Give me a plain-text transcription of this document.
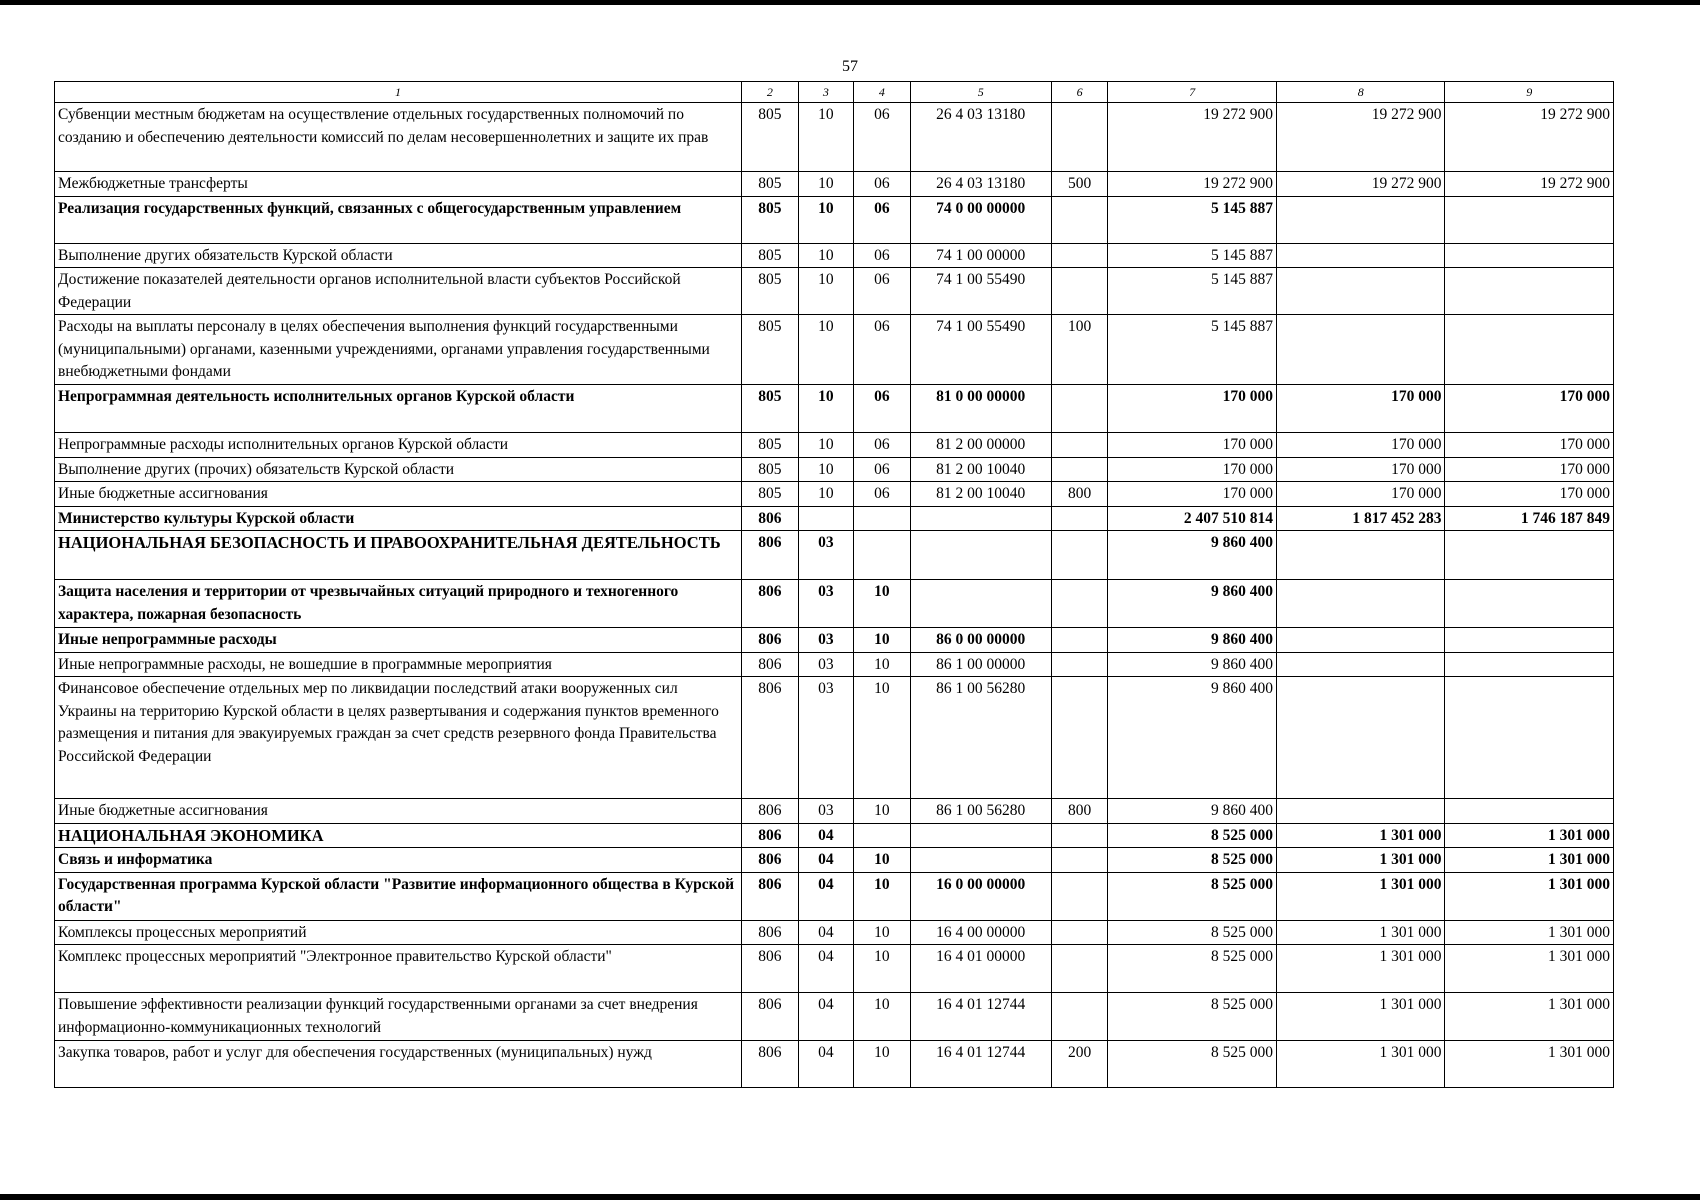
57
1	2	3	4	5	6	7	8	9
Субвенции местным бюджетам на осуществление отдельных государственных полномочий по созданию и обеспечению деятельности комиссий по делам несовершеннолетних и защите их прав	805	10	06	26 4 03 13180		19 272 900	19 272 900	19 272 900
Межбюджетные трансферты	805	10	06	26 4 03 13180	500	19 272 900	19 272 900	19 272 900
Реализация государственных функций, связанных с общегосударственным управлением	805	10	06	74 0 00 00000		5 145 887		
Выполнение других обязательств Курской области	805	10	06	74 1 00 00000		5 145 887		
Достижение показателей деятельности органов исполнительной власти субъектов Российской Федерации	805	10	06	74 1 00 55490		5 145 887		
Расходы на выплаты персоналу в целях обеспечения выполнения функций государственными (муниципальными) органами, казенными учреждениями, органами управления государственными внебюджетными фондами	805	10	06	74 1 00 55490	100	5 145 887		
Непрограммная деятельность исполнительных органов Курской области	805	10	06	81 0 00 00000		170 000	170 000	170 000
Непрограммные расходы исполнительных органов Курской области	805	10	06	81 2 00 00000		170 000	170 000	170 000
Выполнение других (прочих) обязательств Курской области	805	10	06	81 2 00 10040		170 000	170 000	170 000
Иные бюджетные ассигнования	805	10	06	81 2 00 10040	800	170 000	170 000	170 000
Министерство культуры Курской области	806					2 407 510 814	1 817 452 283	1 746 187 849
НАЦИОНАЛЬНАЯ БЕЗОПАСНОСТЬ И ПРАВООХРАНИТЕЛЬНАЯ ДЕЯТЕЛЬНОСТЬ	806	03				9 860 400		
Защита населения и территории от чрезвычайных ситуаций природного и техногенного характера, пожарная безопасность	806	03	10			9 860 400		
Иные непрограммные расходы	806	03	10	86 0 00 00000		9 860 400		
Иные непрограммные расходы, не вошедшие в программные мероприятия	806	03	10	86 1 00 00000		9 860 400		
Финансовое обеспечение отдельных мер по ликвидации последствий атаки вооруженных сил Украины на территорию Курской области в целях развертывания и содержания пунктов временного размещения и питания для эвакуируемых граждан за счет средств резервного фонда Правительства Российской Федерации	806	03	10	86 1 00 56280		9 860 400		
Иные бюджетные ассигнования	806	03	10	86 1 00 56280	800	9 860 400		
НАЦИОНАЛЬНАЯ ЭКОНОМИКА	806	04				8 525 000	1 301 000	1 301 000
Связь и информатика	806	04	10			8 525 000	1 301 000	1 301 000
Государственная программа Курской области "Развитие информационного общества в Курской области"	806	04	10	16 0 00 00000		8 525 000	1 301 000	1 301 000
Комплексы процессных мероприятий	806	04	10	16 4 00 00000		8 525 000	1 301 000	1 301 000
Комплекс процессных мероприятий "Электронное правительство Курской области"	806	04	10	16 4 01 00000		8 525 000	1 301 000	1 301 000
Повышение эффективности реализации функций государственными органами за счет внедрения информационно-коммуникационных технологий	806	04	10	16 4 01 12744		8 525 000	1 301 000	1 301 000
Закупка товаров, работ и услуг для обеспечения государственных (муниципальных) нужд	806	04	10	16 4 01 12744	200	8 525 000	1 301 000	1 301 000
